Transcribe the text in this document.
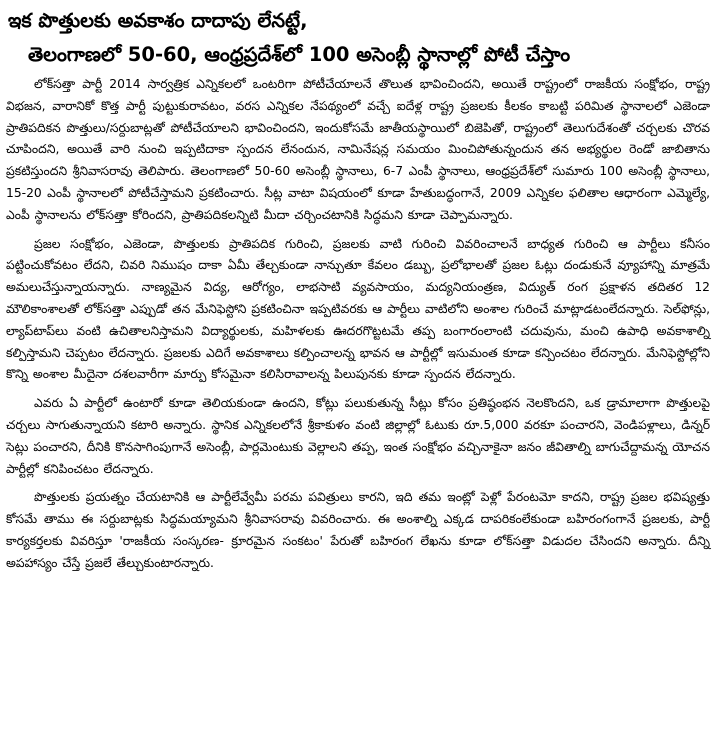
ఇక పొత్తులకు అవకాశం దాదాపు లేనట్టే,
తెలంగాణలో 50-60, ఆంధ్రప్రదేశ్‌లో 100 అసెంబ్లీ స్థానాల్లో పోటీ చేస్తాం

లోక్‌సత్తా పార్టీ 2014 సార్వత్రిక ఎన్నికలలో ఒంటరిగా పోటీచేయాలనే తొలుత భావించిందని, అయితే రాష్ట్రంలో రాజకీయ సంక్షోభం, రాష్ట్ర విభజన, వారానికో కొత్త పార్టీ పుట్టుకురావటం, వరస ఎన్నికల నేపథ్యంలో వచ్చే ఐదేళ్ల రాష్ట్ర ప్రజలకు కీలకం కాబట్టి పరిమిత స్థానాలలో ఎజెండా ప్రాతిపదికన పొత్తులు/సర్దుబాట్లతో పోటీచేయాలని భావించిందని, ఇందుకోసమే జాతీయస్థాయిలో బిజెపితో, రాష్ట్రంలో తెలుగుదేశంతో చర్చలకు చొరవ చూపిందని, అయితే వారి నుంచి ఇప్పటిదాకా స్పందన లేనందున, నామినేషన్ల సమయం మించిపోతున్నందున తన అభ్యర్థుల రెండో జాబితాను ప్రకటిస్తుందని శ్రీనివాసరావు తెలిపారు. తెలంగాణలో 50-60 అసెంబ్లీ స్థానాలు, 6-7 ఎంపీ స్థానాలు, ఆంధ్రప్రదేశ్‌లో సుమారు 100 అసెంబ్లీ స్థానాలు, 15-20 ఎంపీ స్థానాలలో పోటీచేస్తామని ప్రకటించారు. సీట్ల వాటా విషయంలో కూడా హేతుబద్ధంగానే, 2009 ఎన్నికల ఫలితాల ఆధారంగా ఎమ్మెల్యే, ఎంపీ స్థానాలను లోక్‌సత్తా కోరిందని, ప్రాతిపదికలన్నిటి మీదా చర్చించటానికి సిద్ధమని కూడా చెప్పామన్నారు.

ప్రజల సంక్షోభం, ఎజెండా, పొత్తులకు ప్రాతిపదిక గురించి, ప్రజలకు వాటి గురించి వివరించాలనే బాధ్యత గురించి ఆ పార్టీలు కనీసం పట్టించుకోవటం లేదని, చివరి నిముషం దాకా ఏమీ తేల్చకుండా నాన్చుతూ కేవలం డబ్బు, ప్రలోభాలతో ప్రజల ఓట్లు దండుకునే వ్యూహాన్ని మాత్రమే అమలుచేస్తున్నాయన్నారు. నాణ్యమైన విద్య, ఆరోగ్యం, లాభసాటి వ్యవసాయం, మద్యనియంత్రణ, విద్యుత్ రంగ ప్రక్షాళన తదితర 12 మౌలికాంశాలతో లోక్‌సత్తా ఎప్పుడో తన మేనిఫెస్టోని ప్రకటించినా ఇప్పటివరకు ఆ పార్టీలు వాటిలోని అంశాల గురించే మాట్లాడటంలేదన్నారు. సెల్‌ఫోన్లు, ల్యాప్‌టాప్‌లు వంటి ఉచితాలనిస్తామని విద్యార్థులకు, మహిళలకు ఊదరగొట్టటమే తప్ప బంగారంలాంటి చదువును, మంచి ఉపాధి అవకాశాల్ని కల్పిస్తామని చెప్పటం లేదన్నారు. ప్రజలకు ఎదిగే అవకాశాలు కల్పించాలన్న భావన ఆ పార్టీల్లో ఇసుమంత కూడా కన్పించటం లేదన్నారు. మేనిఫెస్టోల్లోని కొన్ని అంశాల మీదైనా దశలవారీగా మార్పు కోసమైనా కలిసిరావాలన్న పిలుపునకు కూడా స్పందన లేదన్నారు.

ఎవరు ఏ పార్టీలో ఉంటారో కూడా తెలియకుండా ఉందని, కోట్లు పలుకుతున్న సీట్లు కోసం ప్రతిష్ఠంభన నెలకొందని, ఒక డ్రామాలాగా పొత్తులపై చర్చలు సాగుతున్నాయని కటారి అన్నారు. స్థానిక ఎన్నికలలోనే శ్రీకాకుళం వంటి జిల్లాల్లో ఓటుకు రూ.5,000 వరకూ పంచారని, వెండిపళ్లాలు, డిన్నర్ సెట్లు పంచారని, దీనికి కొనసాగింపుగానే అసెంబ్లీ, పార్లమెంటుకు వెల్లాలని తప్ప, ఇంత సంక్షోభం వచ్చినాకైనా జనం జీవితాల్ని బాగుచేద్దామన్న యోచన పార్టీల్లో కనిపించటం లేదన్నారు.

పొత్తులకు ప్రయత్నం చేయటానికి ఆ పార్టీలేవ్వేమీ పరమ పవిత్రులు కారని, ఇది తమ ఇంట్లో పెళ్లో పేరంటమో కాదని, రాష్ట్ర ప్రజల భవిష్యత్తు కోసమే తాము ఈ సర్దుబాట్లకు సిద్ధమయ్యామని శ్రీనివాసరావు వివరించారు. ఈ అంశాల్ని ఎక్కడ దాపరికంలేకుండా బహిరంగంగానే ప్రజలకు, పార్టీ కార్యకర్తలకు వివరిస్తూ 'రాజకీయ సంస్కరణ- క్రూరమైన సంకటం' పేరుతో బహిరంగ లేఖను కూడా లోక్‌సత్తా విడుదల చేసిందని అన్నారు. దీన్ని అపహాస్యం చేస్తే ప్రజలే తేల్చుకుంటారన్నారు.
